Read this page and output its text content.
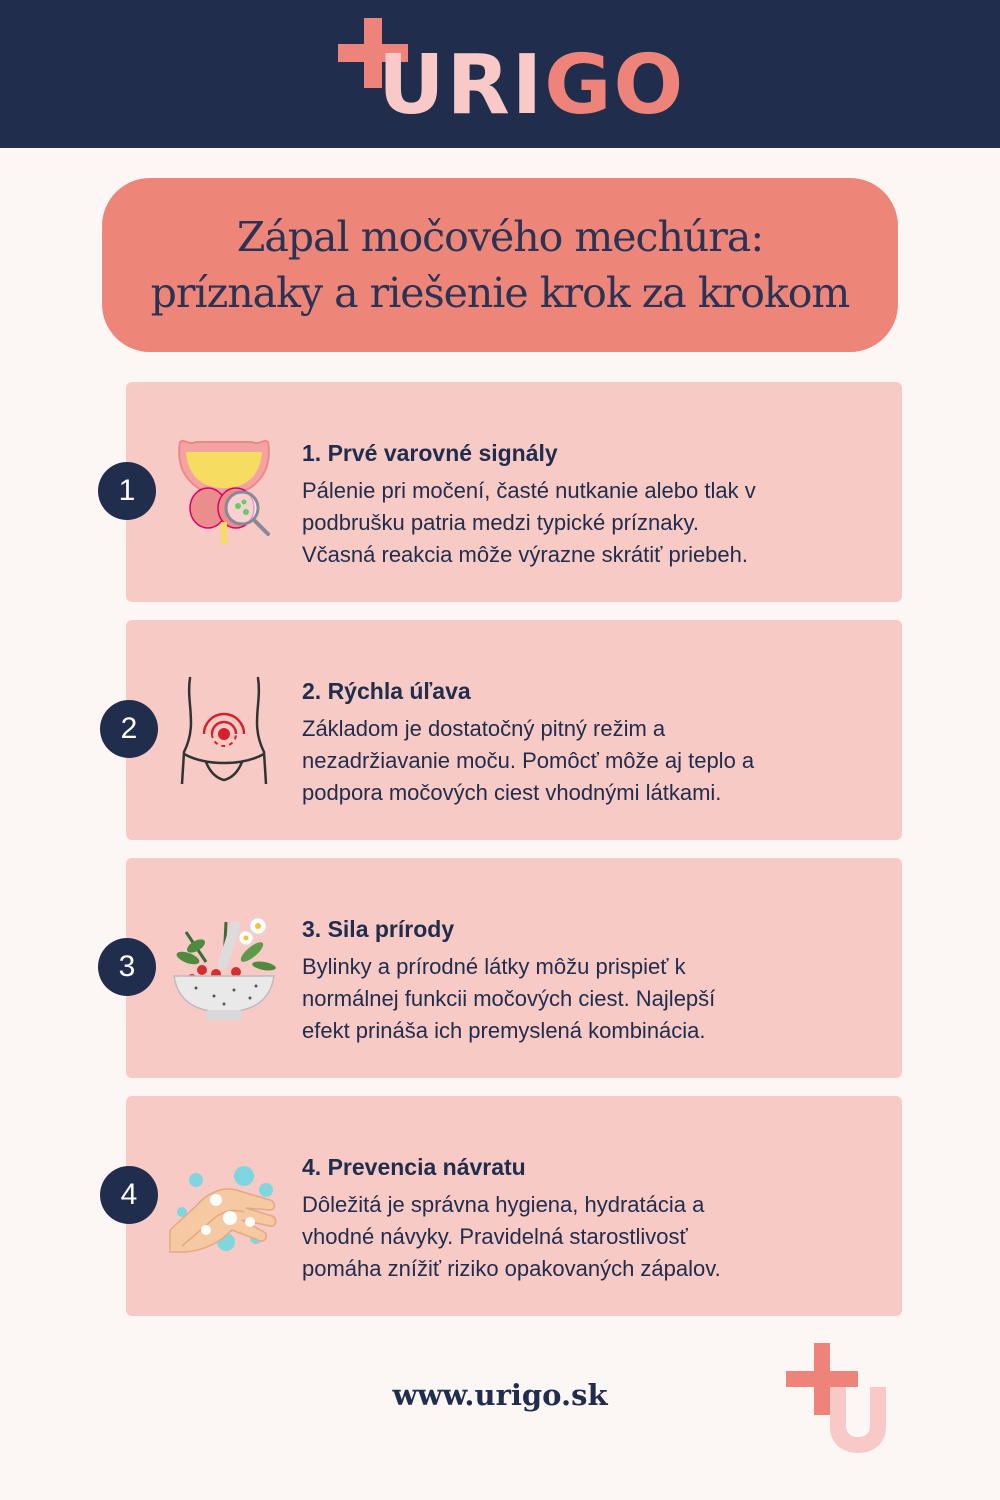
URIGO
Zápal močového mechúra:
príznaky a riešenie krok za krokom
1
1. Prvé varovné signály
Pálenie pri močení, časté nutkanie alebo tlak v
podbrušku patria medzi typické príznaky.
Včasná reakcia môže výrazne skrátiť priebeh.
2
2. Rýchla úľava
Základom je dostatočný pitný režim a
nezadržiavanie moču. Pomôcť môže aj teplo a
podpora močových ciest vhodnými látkami.
3
3. Sila prírody
Bylinky a prírodné látky môžu prispieť k
normálnej funkcii močových ciest. Najlepší
efekt prináša ich premyslená kombinácia.
4
4. Prevencia návratu
Dôležitá je správna hygiena, hydratácia a
vhodné návyky. Pravidelná starostlivosť
pomáha znížiť riziko opakovaných zápalov.
www.urigo.sk
